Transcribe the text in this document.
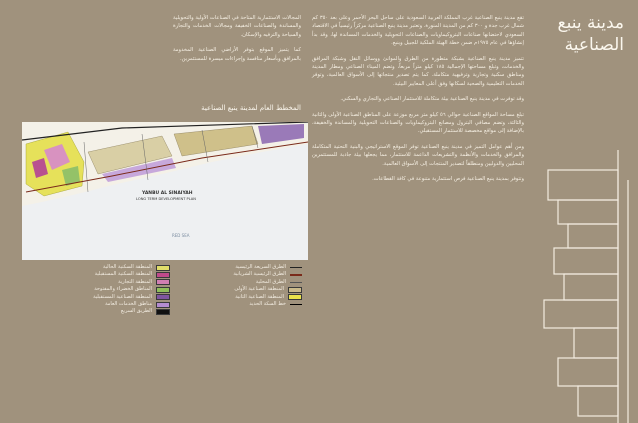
مدينة ينبع
الصناعية

تقع مدينة ينبع الصناعية غرب المملكة العربية السعودية على ساحل البحر الأحمر وعلى بعد ٣٥٠ كم شمال غرب جدة و ٣٠٠ كم من المدينة المنورة. وتعتبر مدينة ينبع الصناعية مركزاً رئيسياً في الاقتصاد السعودي لاحتضانها صناعات البتروكيماويات والصناعات التحويلية والخدمات المساندة لها، وقد بدأ إنشاؤها في عام ١٩٧٥م ضمن خطة الهيئة الملكية للجبيل وينبع.

تتميز مدينة ينبع الصناعية بشبكة متطورة من الطرق والموانئ ووسائل النقل وشبكة المرافق والخدمات، وتبلغ مساحتها الإجمالية ١٨٥ كيلو متراً مربعاً، وتضم الميناء الصناعي ومطار المدينة ومناطق سكنية وتجارية وترفيهية متكاملة. كما يتم تصدير منتجاتها إلى الأسواق العالمية، وتوفر الخدمات التعليمية والصحية لسكانها وفق أعلى المعايير البيئية.

وقد توفرت في مدينة ينبع الصناعية بيئة متكاملة للاستثمار الصناعي والتجاري والسكني.

تبلغ مساحة المواقع الصناعية حوالي ٥٦ كيلو متر مربع موزعة على المناطق الصناعية الأولى والثانية والثالثة، وتضم مصافي البترول ومصانع البتروكيماويات والصناعات التحويلية والمساندة والخفيفة، بالإضافة إلى مواقع مخصصة للاستثمار المستقبلي.

ومن أهم عوامل التميز في مدينة ينبع الصناعية توفر الموقع الاستراتيجي والبنية التحتية المتكاملة والمرافق والخدمات والأنظمة والتشريعات الداعمة للاستثمار، مما يجعلها بيئة جاذبة للمستثمرين المحليين والدوليين ومنطلقاً لتصدير المنتجات إلى الأسواق العالمية.

وتتوفر بمدينة ينبع الصناعية فرص استثمارية متنوعة في كافة القطاعات.

المجالات الاستثمارية المتاحة في الصناعات الأولية والتحويلية والمساندة والصناعات الخفيفة ومجالات الخدمات والتجارة والسياحة والترفيه والإسكان.

كما يتميز الموقع بتوفر الأراضي الصناعية المخدومة بالمرافق وبأسعار منافسة وإجراءات ميسرة للمستثمرين.

المخطط العام لمدينة ينبع الصناعية
YANBU AL SINAIYAH
LONG TERM DEVELOPMENT PLAN
RED SEA
الطرق السريعة الرئيسية
الطرق الرئيسية الشريانية
الطرق المحلية
المنطقة الصناعية الأولى
المنطقة الصناعية الثانية
خط السكة الحديد
المنطقة السكنية الحالية
المنطقة السكنية المستقبلية
المنطقة التجارية
المناطق الخضراء والمفتوحة
المنطقة الصناعية المستقبلية
مناطق الخدمات العامة
الطريق السريع
